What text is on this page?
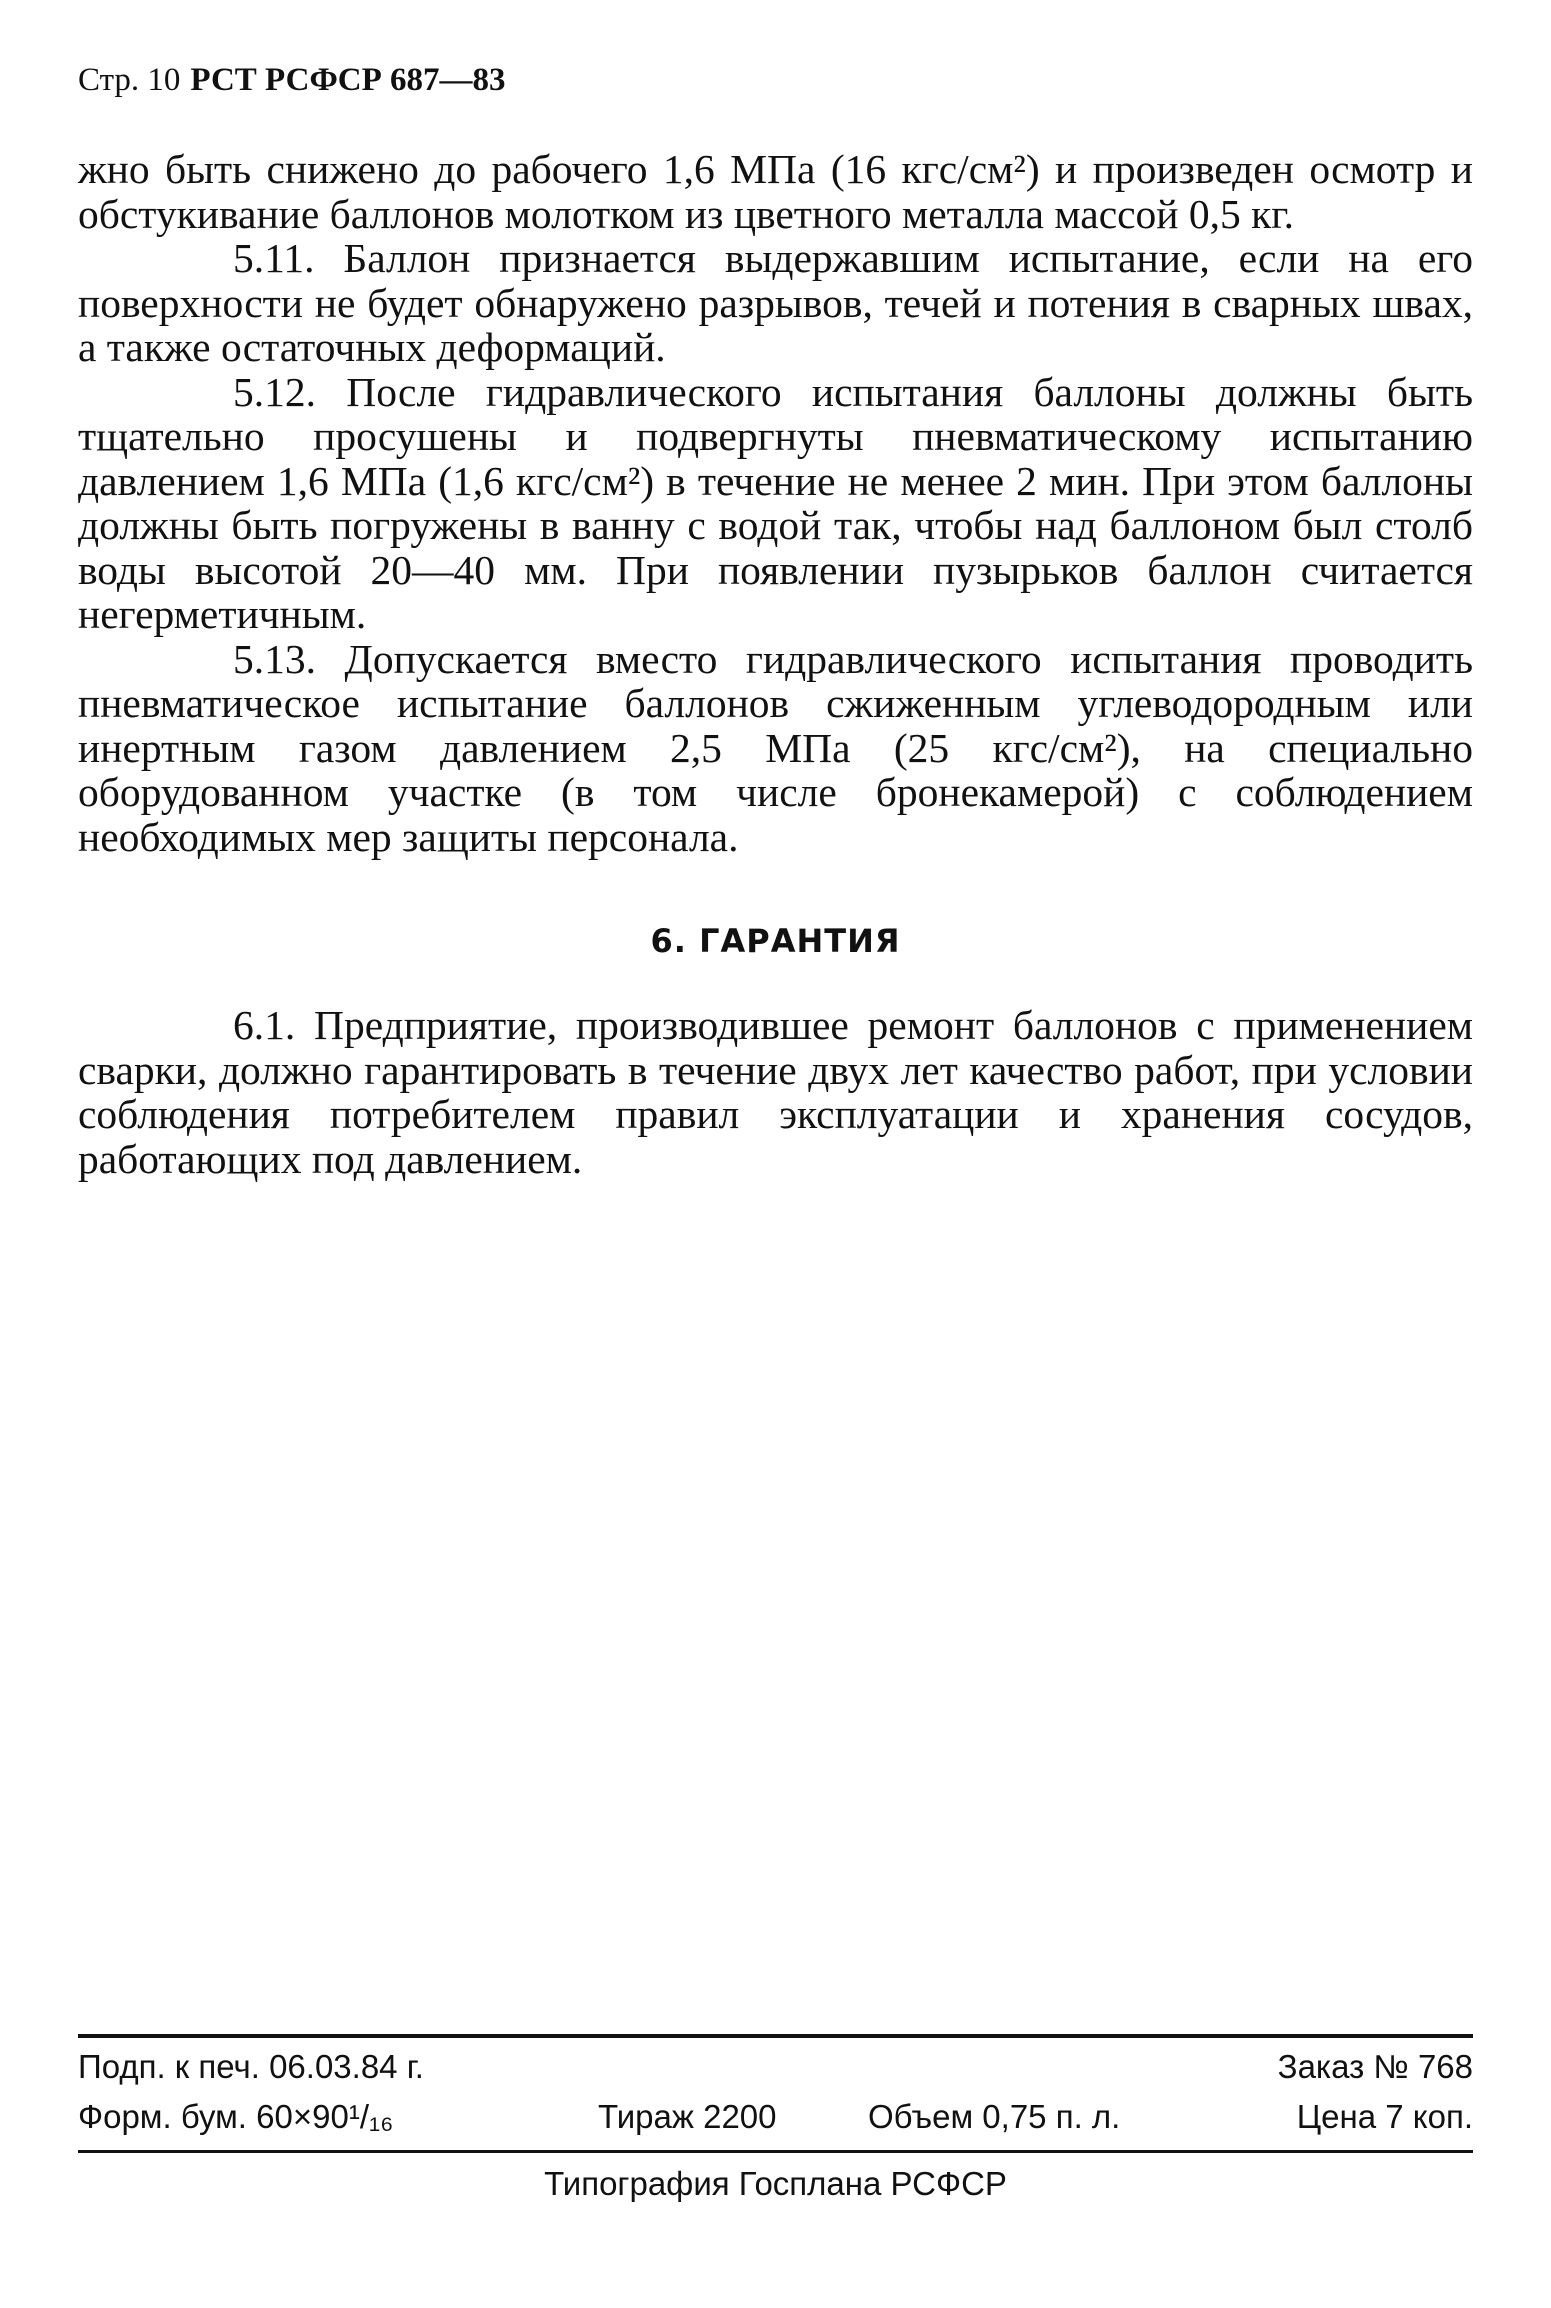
Стр. 10 РСТ РСФСР 687—83

жно быть снижено до рабочего 1,6 МПа (16 кгс/см²) и произведен осмотр и обстукивание баллонов молотком из цветного металла массой 0,5 кг.

5.11. Баллон признается выдержавшим испытание, если на его поверхности не будет обнаружено разрывов, течей и потения в сварных швах, а также остаточных деформаций.

5.12. После гидравлического испытания баллоны должны быть тщательно просушены и подвергнуты пневматическому испытанию давлением 1,6 МПа (1,6 кгс/см²) в течение не менее 2 мин. При этом баллоны должны быть погружены в ванну с водой так, чтобы над баллоном был столб воды высотой 20—40 мм. При появлении пузырьков баллон считается негерметичным.

5.13. Допускается вместо гидравлического испытания проводить пневматическое испытание баллонов сжиженным углеводородным или инертным газом давлением 2,5 МПа (25 кгс/см²), на специально оборудованном участке (в том числе бронекамерой) с соблюдением необходимых мер защиты персонала.

6. ГАРАНТИЯ

6.1. Предприятие, производившее ремонт баллонов с применением сварки, должно гарантировать в течение двух лет качество работ, при условии соблюдения потребителем правил эксплуатации и хранения сосудов, работающих под давлением.

Подп. к печ. 06.03.84 г.	Заказ № 768
Форм. бум. 60×90¹/₁₆	Тираж 2200	Объем 0,75 п. л.	Цена 7 коп.
Типография Госплана РСФСР
